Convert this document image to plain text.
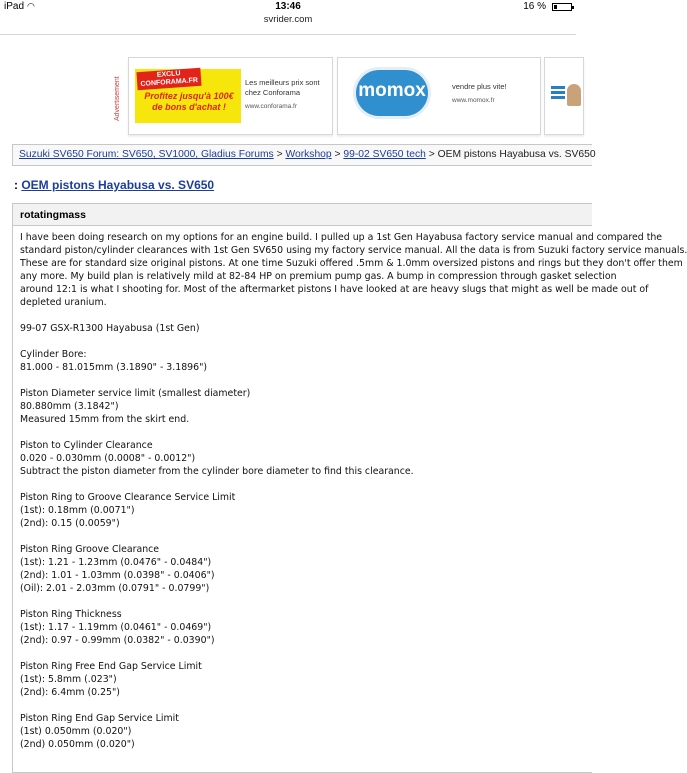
iPad ◠	13:46	16 %
svrider.com
Advertisement
EXCLU CONFORAMA.FR
Profitez jusqu'à 100€ de bons d'achat !
Les meilleurs prix sont chez Conforama
www.conforama.fr
momox	vendre plus vite!
www.momox.fr
Suzuki SV650 Forum: SV650, SV1000, Gladius Forums > Workshop > 99-02 SV650 tech > OEM pistons Hayabusa vs. SV650
: OEM pistons Hayabusa vs. SV650
rotatingmass
I have been doing research on my options for an engine build. I pulled up a 1st Gen Hayabusa factory service manual and compared the
standard piston/cylinder clearances with 1st Gen SV650 using my factory service manual. All the data is from Suzuki factory service manuals.
These are for standard size original pistons. At one time Suzuki offered .5mm & 1.0mm oversized pistons and rings but they don't offer them
any more. My build plan is relatively mild at 82-84 HP on premium pump gas. A bump in compression through gasket selection
around 12:1 is what I shooting for. Most of the aftermarket pistons I have looked at are heavy slugs that might as well be made out of
depleted uranium.

99-07 GSX-R1300 Hayabusa (1st Gen)

Cylinder Bore:
81.000 - 81.015mm (3.1890" - 3.1896")

Piston Diameter service limit (smallest diameter)
80.880mm (3.1842")
Measured 15mm from the skirt end.

Piston to Cylinder Clearance
0.020 - 0.030mm (0.0008" - 0.0012")
Subtract the piston diameter from the cylinder bore diameter to find this clearance.

Piston Ring to Groove Clearance Service Limit
(1st): 0.18mm (0.0071")
(2nd): 0.15 (0.0059")

Piston Ring Groove Clearance
(1st): 1.21 - 1.23mm (0.0476" - 0.0484")
(2nd): 1.01 - 1.03mm (0.0398" - 0.0406")
(Oil): 2.01 - 2.03mm (0.0791" - 0.0799")

Piston Ring Thickness
(1st): 1.17 - 1.19mm (0.0461" - 0.0469")
(2nd): 0.97 - 0.99mm (0.0382" - 0.0390")

Piston Ring Free End Gap Service Limit
(1st): 5.8mm (.023")
(2nd): 6.4mm (0.25")

Piston Ring End Gap Service Limit
(1st) 0.050mm (0.020")
(2nd) 0.050mm (0.020")
